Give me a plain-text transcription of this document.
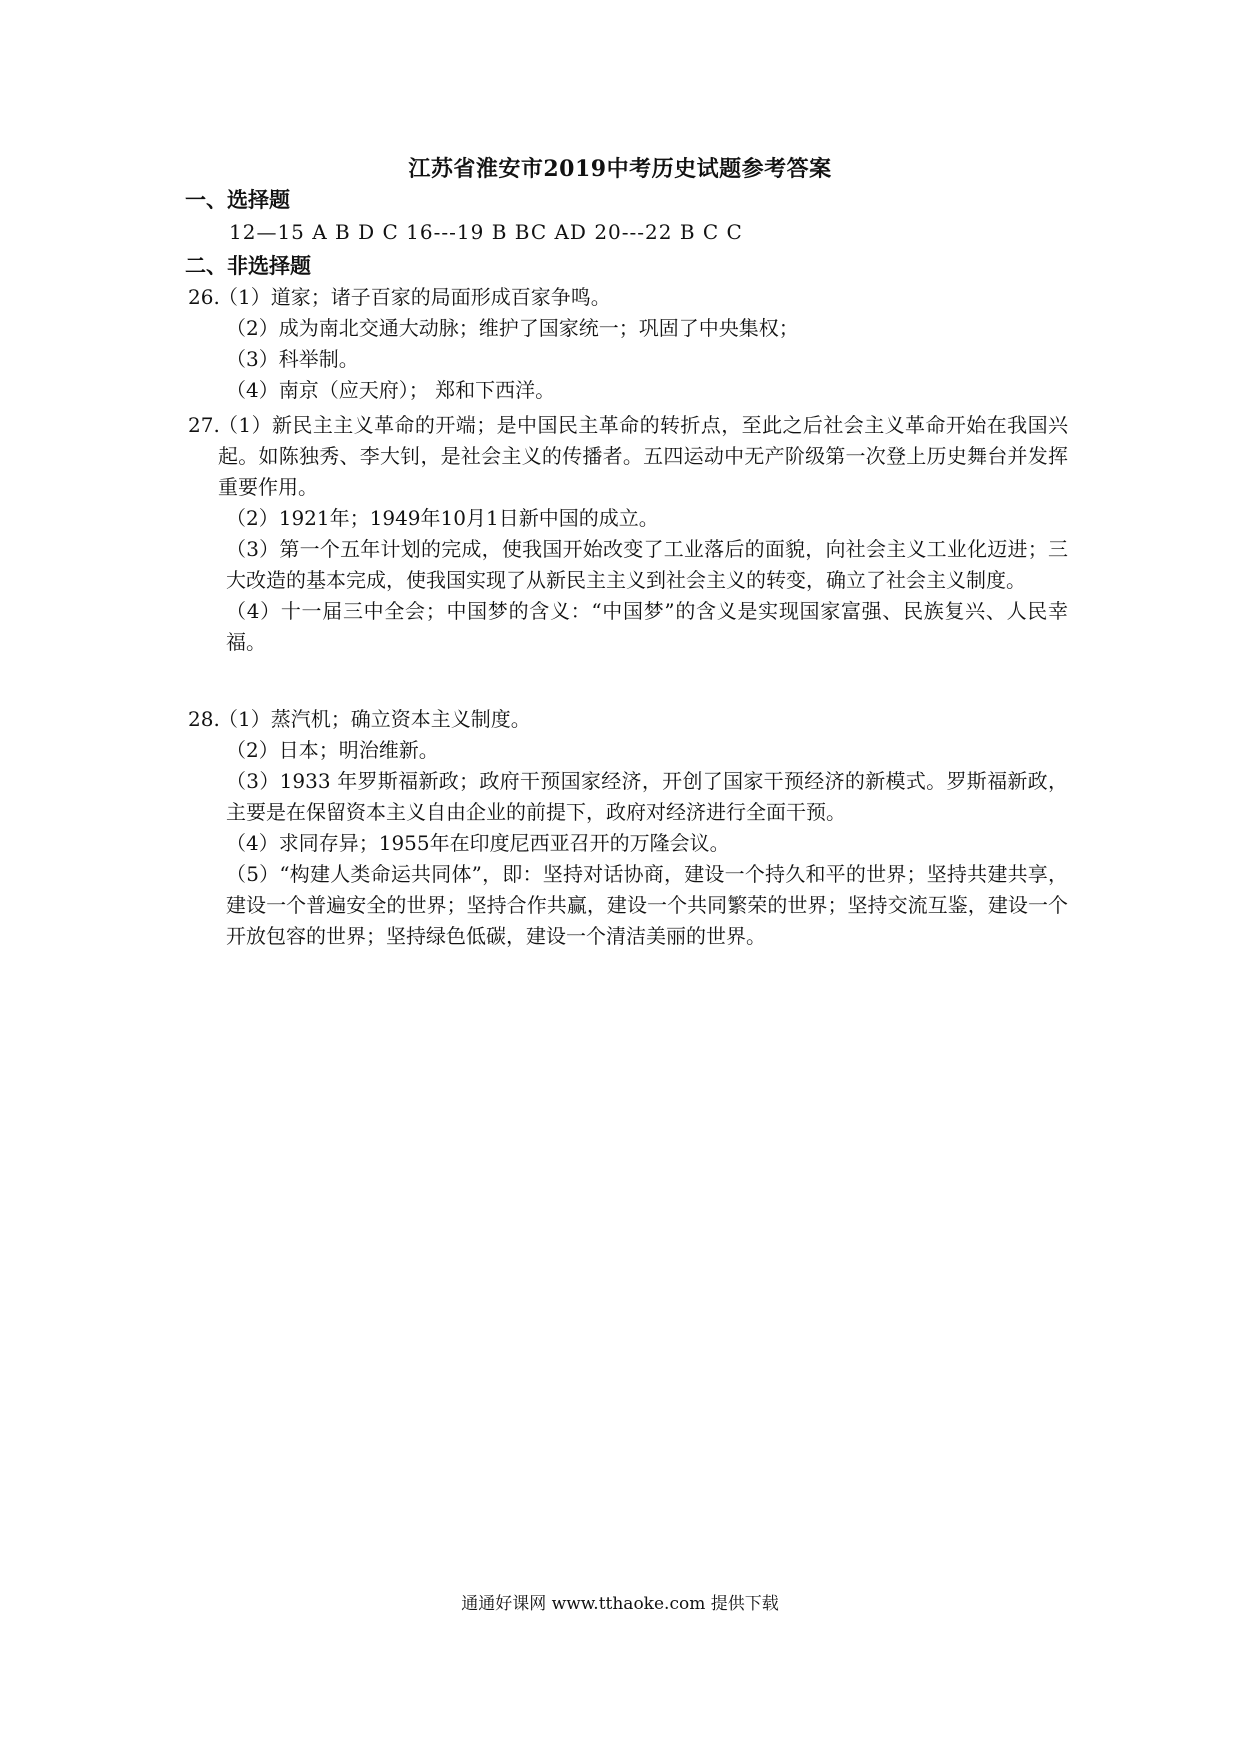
江苏省淮安市2019中考历史试题参考答案
一、选择题
12—15 A B D C 16---19 B BC AD 20---22 B C C
二、非选择题
26.
（1）道家；诸子百家的局面形成百家争鸣。
（2）成为南北交通大动脉；维护了国家统一；巩固了中央集权；
（3）科举制。
（4）南京（应天府）； 郑和下西洋。
27.
（1）新民主主义革命的开端；是中国民主革命的转折点，至此之后社会主义革命开始在我国兴起。如陈独秀、李大钊，是社会主义的传播者。五四运动中无产阶级第一次登上历史舞台并发挥重要作用。
（2）1921年；1949年10月1日新中国的成立。
（3）第一个五年计划的完成，使我国开始改变了工业落后的面貌，向社会主义工业化迈进；三大改造的基本完成，使我国实现了从新民主主义到社会主义的转变，确立了社会主义制度。
（4）十一届三中全会；中国梦的含义：“中国梦”的含义是实现国家富强、民族复兴、人民幸福。
28.
（1）蒸汽机；确立资本主义制度。
（2）日本；明治维新。
（3）1933 年罗斯福新政；政府干预国家经济，开创了国家干预经济的新模式。罗斯福新政，主要是在保留资本主义自由企业的前提下，政府对经济进行全面干预。
（4）求同存异；1955年在印度尼西亚召开的万隆会议。
（5）“构建人类命运共同体”，即：坚持对话协商，建设一个持久和平的世界；坚持共建共享，建设一个普遍安全的世界；坚持合作共赢，建设一个共同繁荣的世界；坚持交流互鉴，建设一个开放包容的世界；坚持绿色低碳，建设一个清洁美丽的世界。
通通好课网 www.tthaoke.com 提供下载
